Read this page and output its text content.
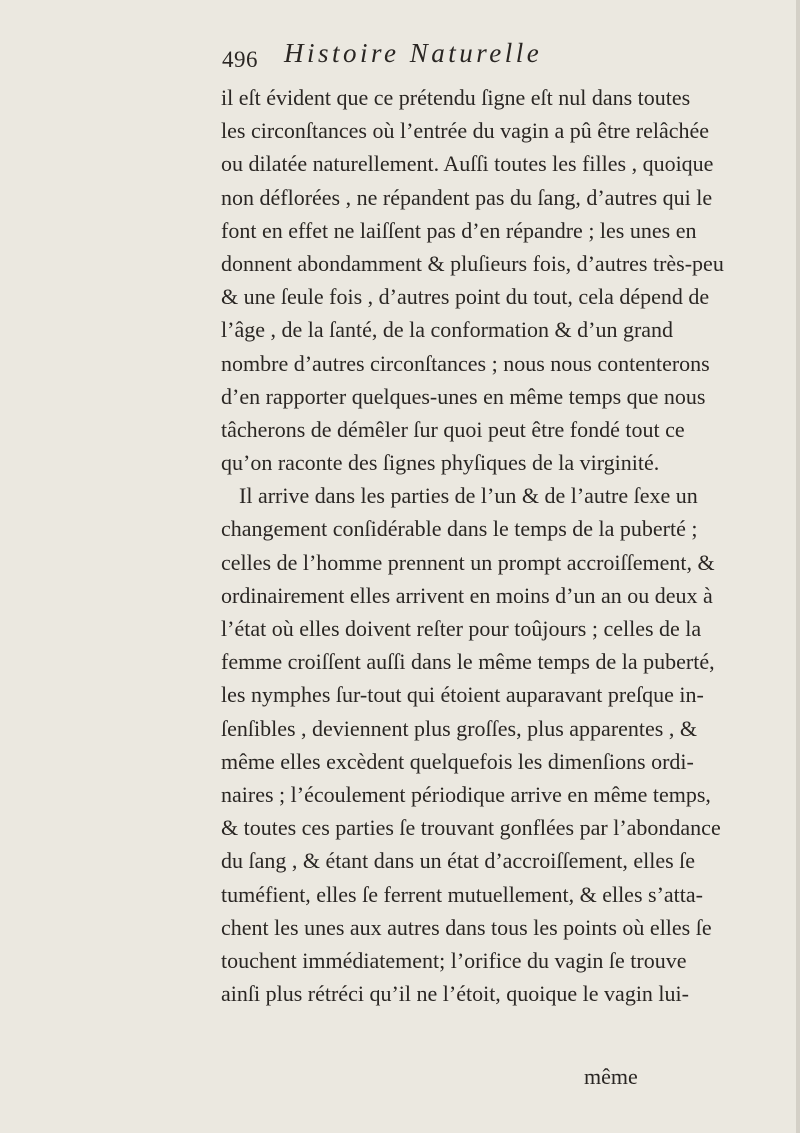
496 Histoire Naturelle
il eſt évident que ce prétendu ſigne eſt nul dans toutes
les circonſtances où l’entrée du vagin a pû être relâchée
ou dilatée naturellement. Auſſi toutes les filles , quoique
non déflorées , ne répandent pas du ſang, d’autres qui le
font en effet ne laiſſent pas d’en répandre ; les unes en
donnent abondamment & pluſieurs fois, d’autres très-peu
& une ſeule fois , d’autres point du tout, cela dépend de
l’âge , de la ſanté, de la conformation & d’un grand
nombre d’autres circonſtances ; nous nous contenterons
d’en rapporter quelques-unes en même temps que nous
tâcherons de démêler ſur quoi peut être fondé tout ce
qu’on raconte des ſignes phyſiques de la virginité.
Il arrive dans les parties de l’un & de l’autre ſexe un
changement conſidérable dans le temps de la puberté ;
celles de l’homme prennent un prompt accroiſſement, &
ordinairement elles arrivent en moins d’un an ou deux à
l’état où elles doivent reſter pour toûjours ; celles de la
femme croiſſent auſſi dans le même temps de la puberté,
les nymphes ſur-tout qui étoient auparavant preſque in-
ſenſibles , deviennent plus groſſes, plus apparentes , &
même elles excèdent quelquefois les dimenſions ordi-
naires ; l’écoulement périodique arrive en même temps,
& toutes ces parties ſe trouvant gonflées par l’abondance
du ſang , & étant dans un état d’accroiſſement, elles ſe
tuméfient, elles ſe ferrent mutuellement, & elles s’atta-
chent les unes aux autres dans tous les points où elles ſe
touchent immédiatement; l’orifice du vagin ſe trouve
ainſi plus rétréci qu’il ne l’étoit, quoique le vagin lui-
même
